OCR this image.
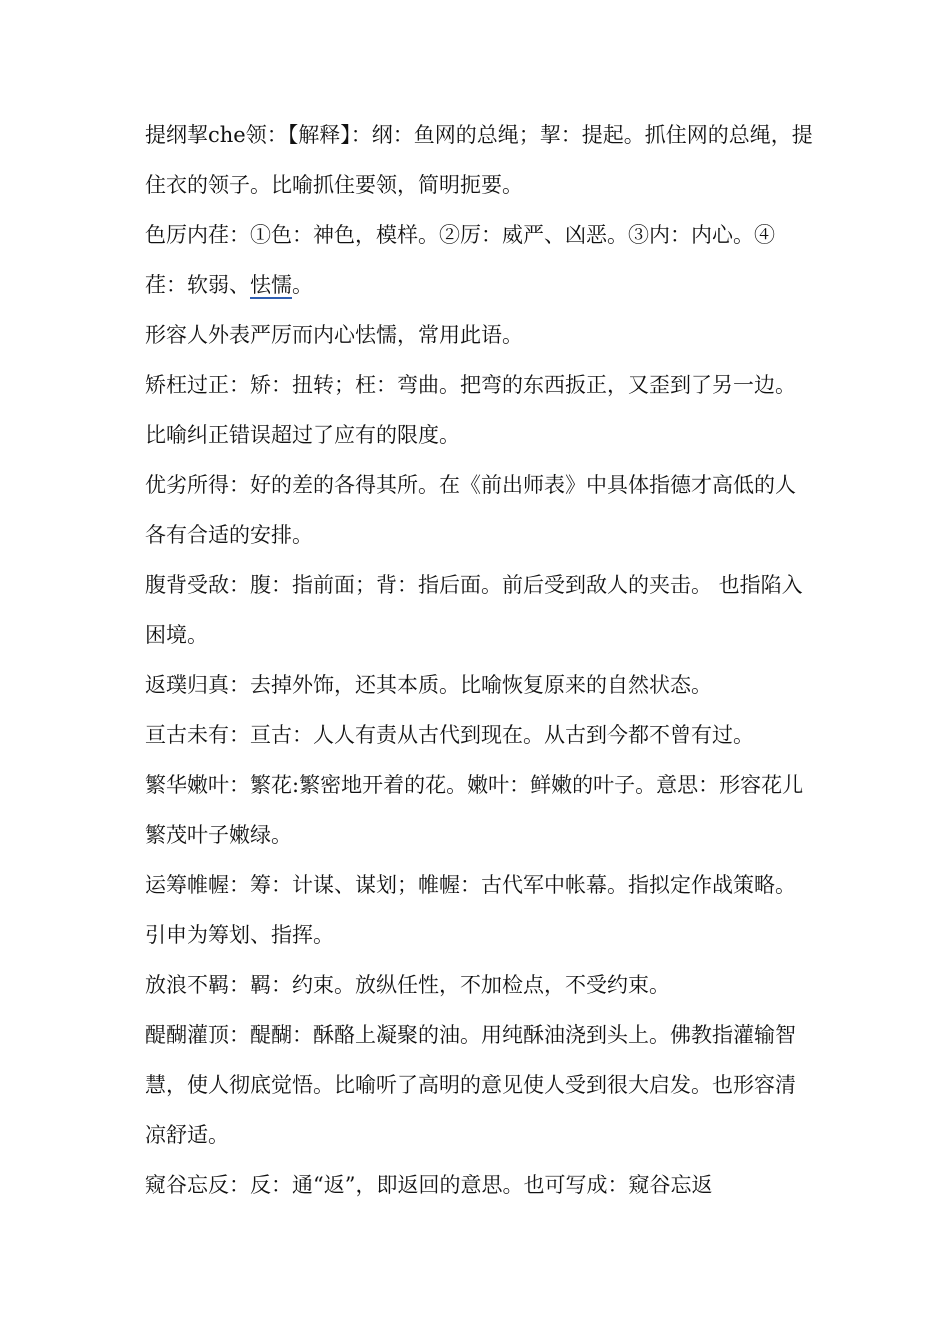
提纲挈che领：【解释】：纲：鱼网的总绳；挈：提起。抓住网的总绳，提住衣的领子。比喻抓住要领，简明扼要。

色厉内荏：①色：神色，模样。②厉：威严、凶恶。③内：内心。④荏：软弱、怯懦。

形容人外表严厉而内心怯懦，常用此语。

矫枉过正：矫：扭转；枉：弯曲。把弯的东西扳正，又歪到了另一边。比喻纠正错误超过了应有的限度。

优劣所得：好的差的各得其所。在《前出师表》中具体指德才高低的人各有合适的安排。

腹背受敌：腹：指前面；背：指后面。前后受到敌人的夹击。 也指陷入困境。

返璞归真：去掉外饰，还其本质。比喻恢复原来的自然状态。

亘古未有：亘古：人人有责从古代到现在。从古到今都不曾有过。

繁华嫩叶：繁花:繁密地开着的花。嫩叶：鲜嫩的叶子。意思：形容花儿繁茂叶子嫩绿。

运筹帷幄：筹：计谋、谋划；帷幄：古代军中帐幕。指拟定作战策略。引申为筹划、指挥。

放浪不羁：羁：约束。放纵任性，不加检点，不受约束。

醍醐灌顶：醍醐：酥酪上凝聚的油。用纯酥油浇到头上。佛教指灌输智慧，使人彻底觉悟。比喻听了高明的意见使人受到很大启发。也形容清凉舒适。

窥谷忘反：反：通“返”，即返回的意思。也可写成：窥谷忘返
